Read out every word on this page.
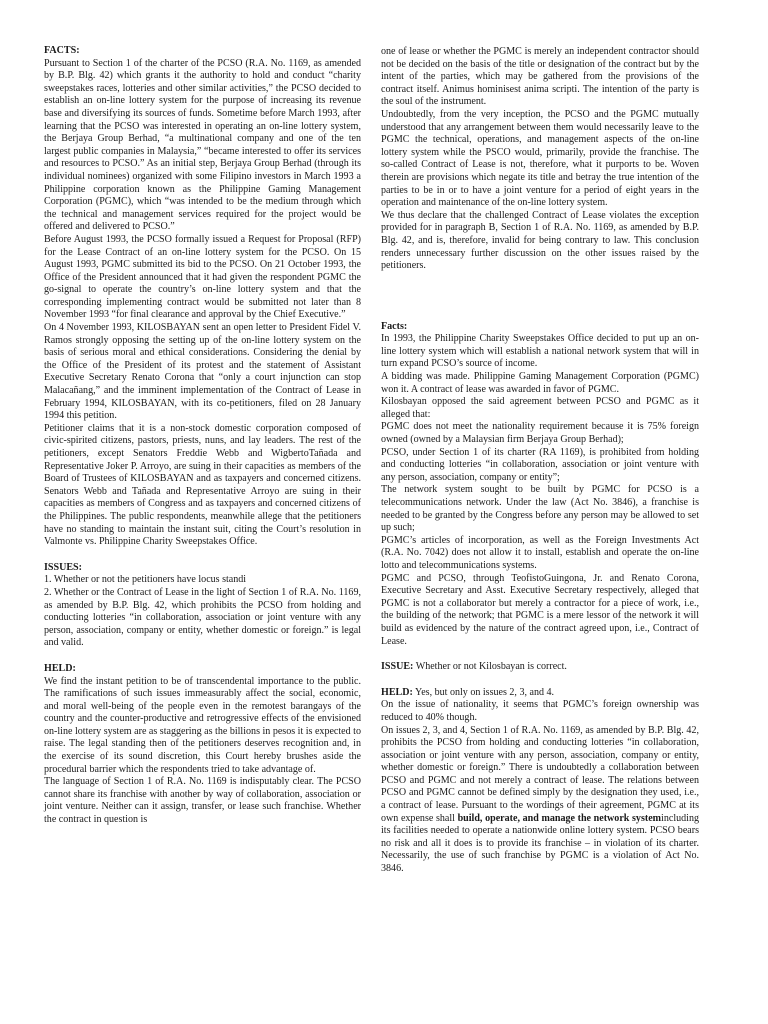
FACTS:

Pursuant to Section 1 of the charter of the PCSO (R.A. No. 1169, as amended by B.P. Blg. 42) which grants it the authority to hold and conduct “charity sweepstakes races, lotteries and other similar activities,” the PCSO decided to establish an on-line lottery system for the purpose of increasing its revenue base and diversifying its sources of funds. Sometime before March 1993, after learning that the PCSO was interested in operating an on-line lottery system, the Berjaya Group Berhad, “a multinational company and one of the ten largest public companies in Malaysia,” “became interested to offer its services and resources to PCSO.” As an initial step, Berjaya Group Berhad (through its individual nominees) organized with some Filipino investors in March 1993 a Philippine corporation known as the Philippine Gaming Management Corporation (PGMC), which “was intended to be the medium through which the technical and management services required for the project would be offered and delivered to PCSO.”

Before August 1993, the PCSO formally issued a Request for Proposal (RFP) for the Lease Contract of an on-line lottery system for the PCSO. On 15 August 1993, PGMC submitted its bid to the PCSO. On 21 October 1993, the Office of the President announced that it had given the respondent PGMC the go-signal to operate the country’s on-line lottery system and that the corresponding implementing contract would be submitted not later than 8 November 1993 “for final clearance and approval by the Chief Executive.”

On 4 November 1993, KILOSBAYAN sent an open letter to President Fidel V. Ramos strongly opposing the setting up of the on-line lottery system on the basis of serious moral and ethical considerations. Considering the denial by the Office of the President of its protest and the statement of Assistant Executive Secretary Renato Corona that “only a court injunction can stop Malacañang,” and the imminent implementation of the Contract of Lease in February 1994, KILOSBAYAN, with its co-petitioners, filed on 28 January 1994 this petition.

Petitioner claims that it is a non-stock domestic corporation composed of civic-spirited citizens, pastors, priests, nuns, and lay leaders. The rest of the petitioners, except Senators Freddie Webb and WigbertoTañada and Representative Joker P. Arroyo, are suing in their capacities as members of the Board of Trustees of KILOSBAYAN and as taxpayers and concerned citizens. Senators Webb and Tañada and Representative Arroyo are suing in their capacities as members of Congress and as taxpayers and concerned citizens of the Philippines. The public respondents, meanwhile allege that the petitioners have no standing to maintain the instant suit, citing the Court’s resolution in Valmonte vs. Philippine Charity Sweepstakes Office.

ISSUES:

1. Whether or not the petitioners have locus standi

2. Whether or the Contract of Lease in the light of Section 1 of R.A. No. 1169, as amended by B.P. Blg. 42, which prohibits the PCSO from holding and conducting lotteries “in collaboration, association or joint venture with any person, association, company or entity, whether domestic or foreign.” is legal and valid.

HELD:

We find the instant petition to be of transcendental importance to the public. The ramifications of such issues immeasurably affect the social, economic, and moral well-being of the people even in the remotest barangays of the country and the counter-productive and retrogressive effects of the envisioned on-line lottery system are as staggering as the billions in pesos it is expected to raise. The legal standing then of the petitioners deserves recognition and, in the exercise of its sound discretion, this Court hereby brushes aside the procedural barrier which the respondents tried to take advantage of.

The language of Section 1 of R.A. No. 1169 is indisputably clear. The PCSO cannot share its franchise with another by way of collaboration, association or joint venture. Neither can it assign, transfer, or lease such franchise. Whether the contract in question is

one of lease or whether the PGMC is merely an independent contractor should not be decided on the basis of the title or designation of the contract but by the intent of the parties, which may be gathered from the provisions of the contract itself. Animus hominisest anima scripti. The intention of the party is the soul of the instrument.

Undoubtedly, from the very inception, the PCSO and the PGMC mutually understood that any arrangement between them would necessarily leave to the PGMC the technical, operations, and management aspects of the on-line lottery system while the PSCO would, primarily, provide the franchise. The so-called Contract of Lease is not, therefore, what it purports to be. Woven therein are provisions which negate its title and betray the true intention of the parties to be in or to have a joint venture for a period of eight years in the operation and maintenance of the on-line lottery system.

We thus declare that the challenged Contract of Lease violates the exception provided for in paragraph B, Section 1 of R.A. No. 1169, as amended by B.P. Blg. 42, and is, therefore, invalid for being contrary to law. This conclusion renders unnecessary further discussion on the other issues raised by the petitioners.

Facts:

In 1993, the Philippine Charity Sweepstakes Office decided to put up an on-line lottery system which will establish a national network system that will in turn expand PCSO’s source of income.

A bidding was made. Philippine Gaming Management Corporation (PGMC) won it. A contract of lease was awarded in favor of PGMC.

Kilosbayan opposed the said agreement between PCSO and PGMC as it alleged that:

PGMC does not meet the nationality requirement because it is 75% foreign owned (owned by a Malaysian firm Berjaya Group Berhad);

PCSO, under Section 1 of its charter (RA 1169), is prohibited from holding and conducting lotteries “in collaboration, association or joint venture with any person, association, company or entity”;

The network system sought to be built by PGMC for PCSO is a telecommunications network. Under the law (Act No. 3846), a franchise is needed to be granted by the Congress before any person may be allowed to set up such;

PGMC’s articles of incorporation, as well as the Foreign Investments Act (R.A. No. 7042) does not allow it to install, establish and operate the on-line lotto and telecommunications systems.

PGMC and PCSO, through TeofistoGuingona, Jr. and Renato Corona, Executive Secretary and Asst. Executive Secretary respectively, alleged that PGMC is not a collaborator but merely a contractor for a piece of work, i.e., the building of the network; that PGMC is a mere lessor of the network it will build as evidenced by the nature of the contract agreed upon, i.e., Contract of Lease.

ISSUE: Whether or not Kilosbayan is correct.

HELD: Yes, but only on issues 2, 3, and 4.

On the issue of nationality, it seems that PGMC’s foreign ownership was reduced to 40% though.

On issues 2, 3, and 4, Section 1 of R.A. No. 1169, as amended by B.P. Blg. 42, prohibits the PCSO from holding and conducting lotteries “in collaboration, association or joint venture with any person, association, company or entity, whether domestic or foreign.” There is undoubtedly a collaboration between PCSO and PGMC and not merely a contract of lease. The relations between PCSO and PGMC cannot be defined simply by the designation they used, i.e., a contract of lease. Pursuant to the wordings of their agreement, PGMC at its own expense shall build, operate, and manage the network systemincluding its facilities needed to operate a nationwide online lottery system. PCSO bears no risk and all it does is to provide its franchise – in violation of its charter. Necessarily, the use of such franchise by PGMC is a violation of Act No. 3846.
